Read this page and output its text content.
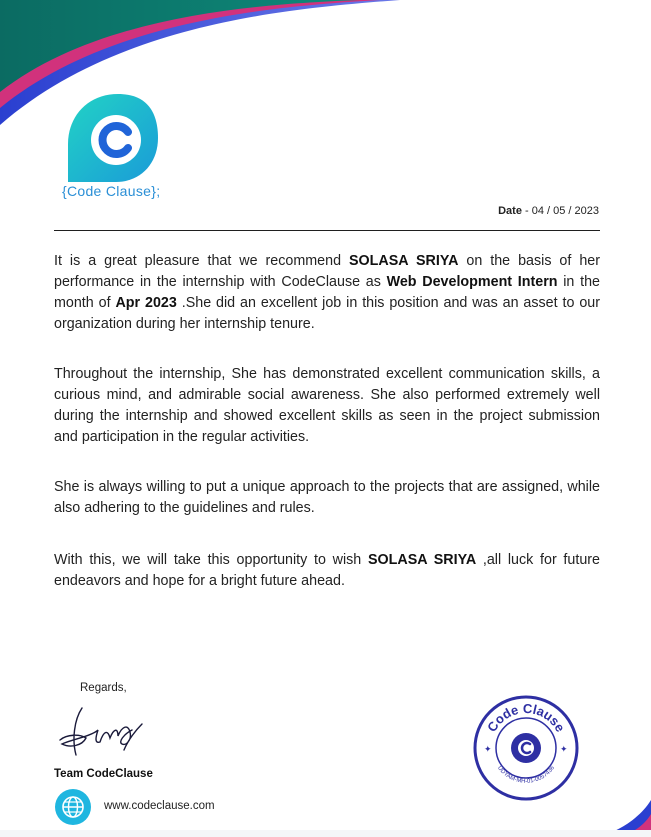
{Code Clause};
Date - 04 / 05 / 2023
It is a great pleasure that we recommend SOLASA SRIYA on the basis of her performance in the internship with CodeClause as Web Development Intern in the month of Apr 2023 .She did an excellent job in this position and was an asset to our organization during her internship tenure.
Throughout the internship, She has demonstrated excellent communication skills, a curious mind, and admirable social awareness. She also performed extremely well during the internship and showed excellent skills as seen in the project submission and participation in the regular activities.
She is always willing to put a unique approach to the projects that are assigned, while also adhering to the guidelines and rules.
With this, we will take this opportunity to wish SOLASA SRIYA ,all luck for future endeavors and hope for a bright future ahead.
Regards,
Team CodeClause
www.codeclause.com
Code Clause
UDYAM-MH-01-0057436
✦	✦
